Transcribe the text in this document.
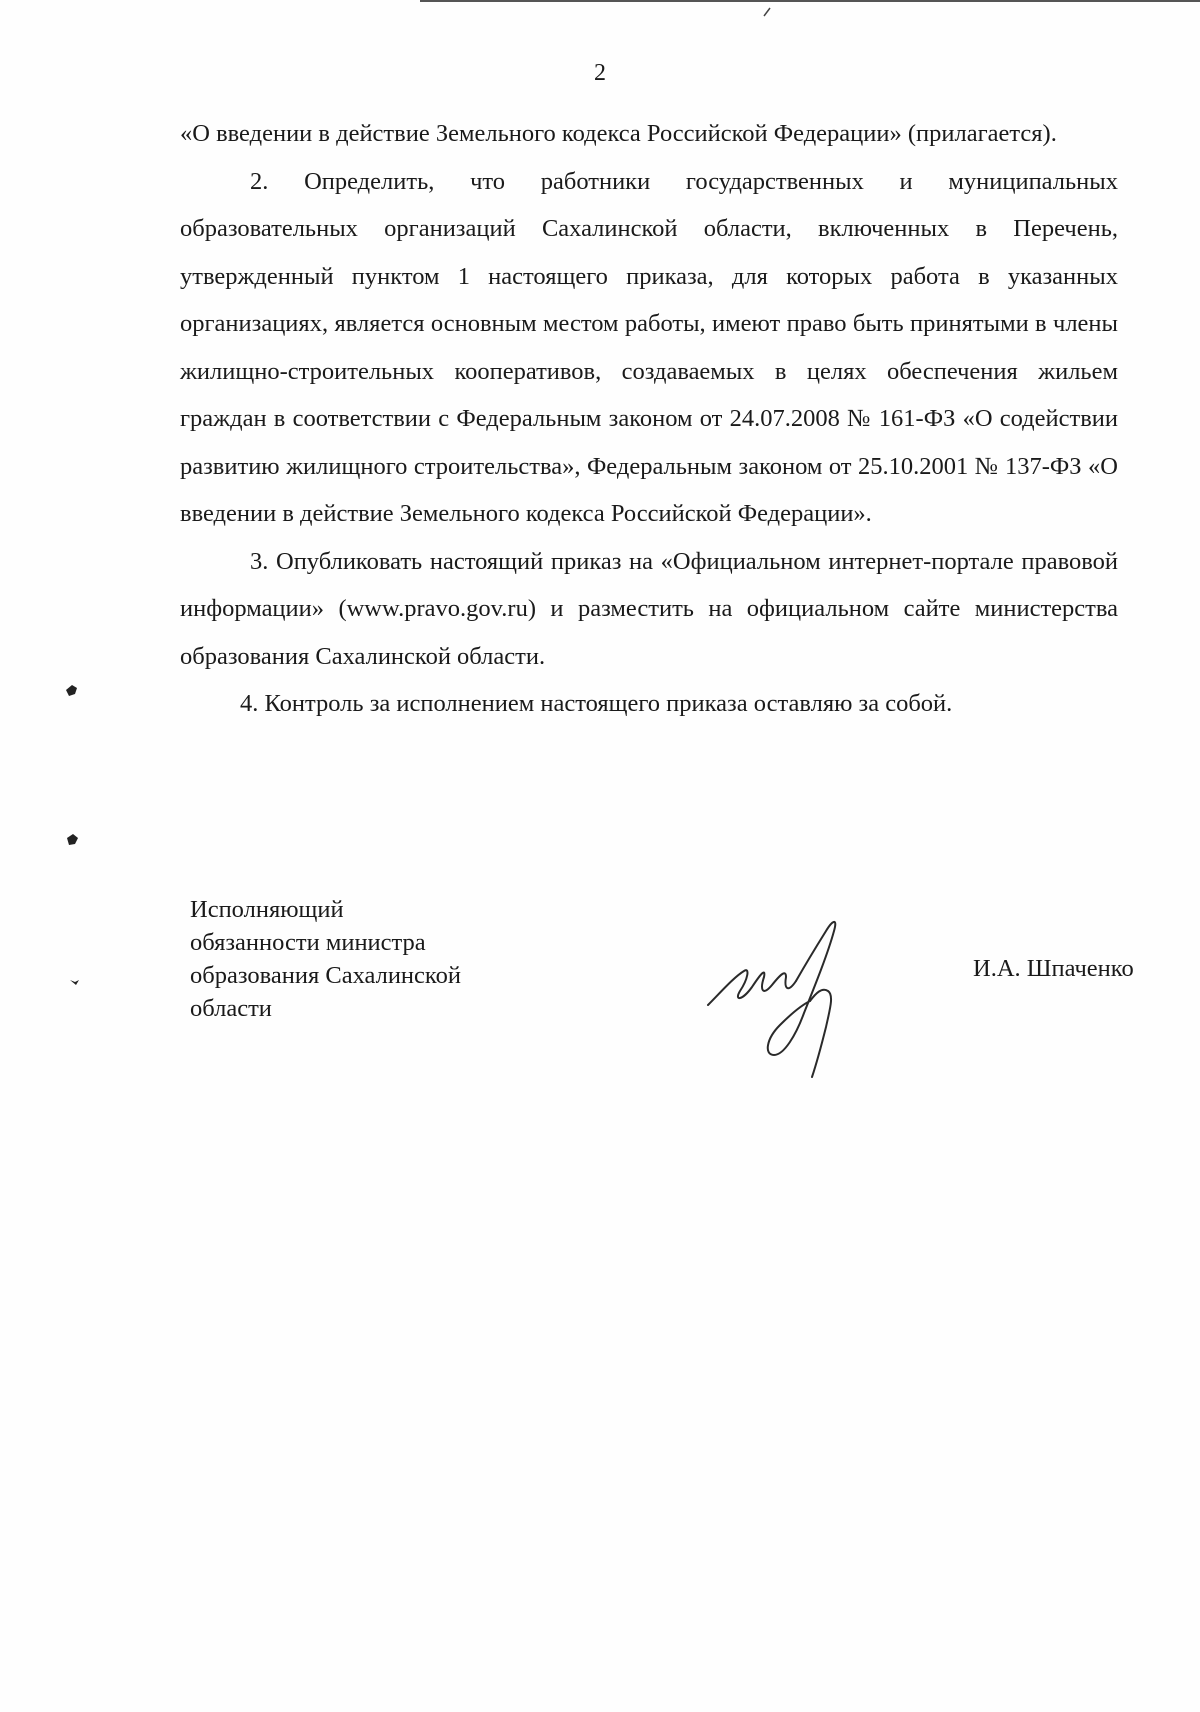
2

«О введении в действие Земельного кодекса Российской Федерации» (прилагается).

2. Определить, что работники государственных и муниципальных образовательных организаций Сахалинской области, включенных в Перечень, утвержденный пунктом 1 настоящего приказа, для которых работа в указанных организациях, является основным местом работы, имеют право быть принятыми в члены жилищно-строительных кооперативов, создаваемых в целях обеспечения жильем граждан в соответствии с Федеральным законом от 24.07.2008 № 161-ФЗ «О содействии развитию жилищного строительства», Федеральным законом от 25.10.2001 № 137-ФЗ «О введении в действие Земельного кодекса Российской Федерации».

3. Опубликовать настоящий приказ на «Официальном интернет-портале правовой информации» (www.pravo.gov.ru) и разместить на официальном сайте министерства образования Сахалинской области.

4. Контроль за исполнением настоящего приказа оставляю за собой.

Исполняющий
обязанности министра
образования Сахалинской
области
И.А. Шпаченко
